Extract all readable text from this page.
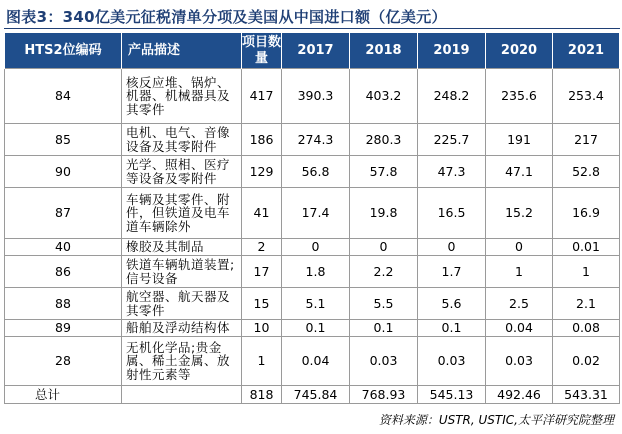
图表3：340亿美元征税清单分项及美国从中国进口额（亿美元）
HTS2位编码	产品描述	项目数量	2017	2018	2019	2020	2021
84	核反应堆、锅炉、机器、机械器具及其零件	417	390.3	403.2	248.2	235.6	253.4
85	电机、电气、音像设备及其零附件	186	274.3	280.3	225.7	191	217
90	光学、照相、医疗等设备及零附件	129	56.8	57.8	47.3	47.1	52.8
87	车辆及其零件、附件，但铁道及电车道车辆除外	41	17.4	19.8	16.5	15.2	16.9
40	橡胶及其制品	2	0	0	0	0	0.01
86	铁道车辆轨道装置;信号设备	17	1.8	2.2	1.7	1	1
88	航空器、航天器及其零件	15	5.1	5.5	5.6	2.5	2.1
89	船舶及浮动结构体	10	0.1	0.1	0.1	0.04	0.08
28	无机化学品;贵金属、稀土金属、放射性元素等	1	0.04	0.03	0.03	0.03	0.02
总计		818	745.84	768.93	545.13	492.46	543.31
资料来源：USTR, USTIC,太平洋研究院整理
